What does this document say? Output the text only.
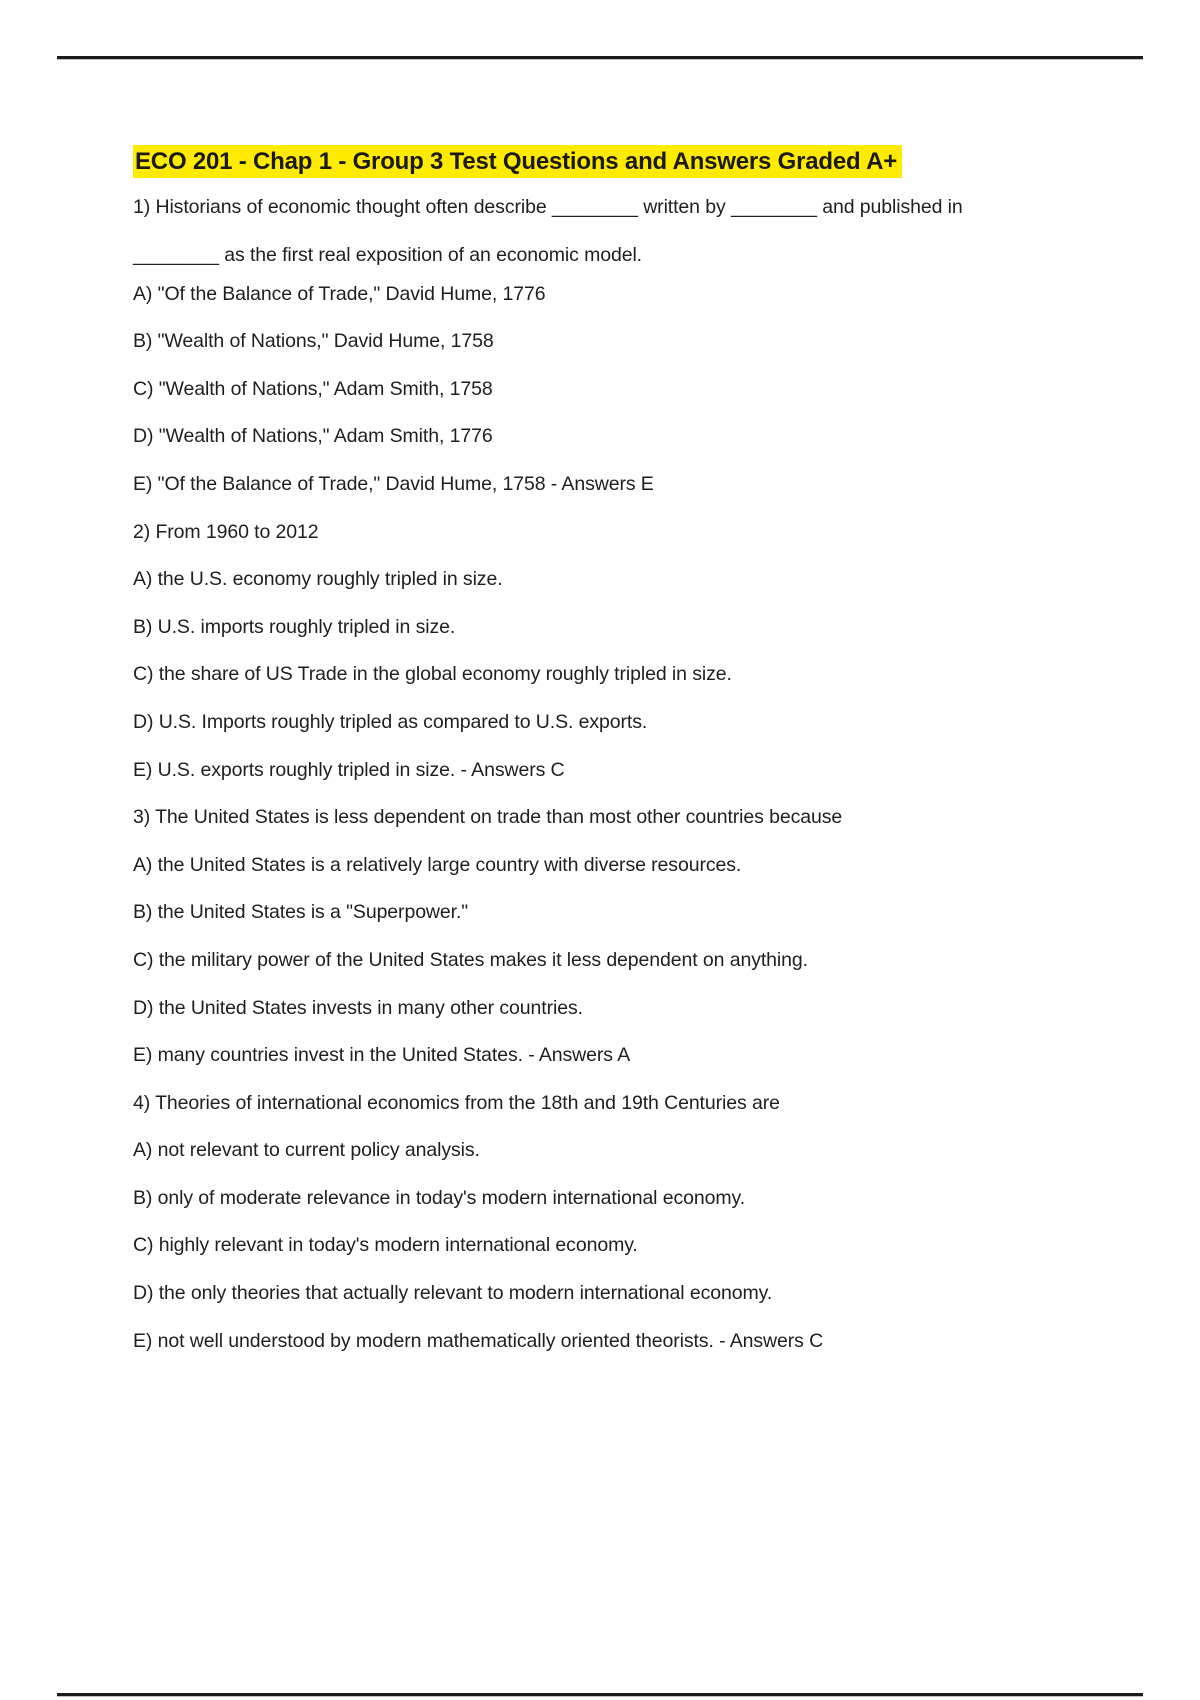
ECO 201 - Chap 1 - Group 3 Test Questions and Answers Graded A+
1) Historians of economic thought often describe ________ written by ________ and published in
________ as the first real exposition of an economic model.
A) "Of the Balance of Trade," David Hume, 1776
B) "Wealth of Nations," David Hume, 1758
C) "Wealth of Nations," Adam Smith, 1758
D) "Wealth of Nations," Adam Smith, 1776
E) "Of the Balance of Trade," David Hume, 1758 - Answers E
2) From 1960 to 2012
A) the U.S. economy roughly tripled in size.
B) U.S. imports roughly tripled in size.
C) the share of US Trade in the global economy roughly tripled in size.
D) U.S. Imports roughly tripled as compared to U.S. exports.
E) U.S. exports roughly tripled in size. - Answers C
3) The United States is less dependent on trade than most other countries because
A) the United States is a relatively large country with diverse resources.
B) the United States is a "Superpower."
C) the military power of the United States makes it less dependent on anything.
D) the United States invests in many other countries.
E) many countries invest in the United States. - Answers A
4) Theories of international economics from the 18th and 19th Centuries are
A) not relevant to current policy analysis.
B) only of moderate relevance in today's modern international economy.
C) highly relevant in today's modern international economy.
D) the only theories that actually relevant to modern international economy.
E) not well understood by modern mathematically oriented theorists. - Answers C
